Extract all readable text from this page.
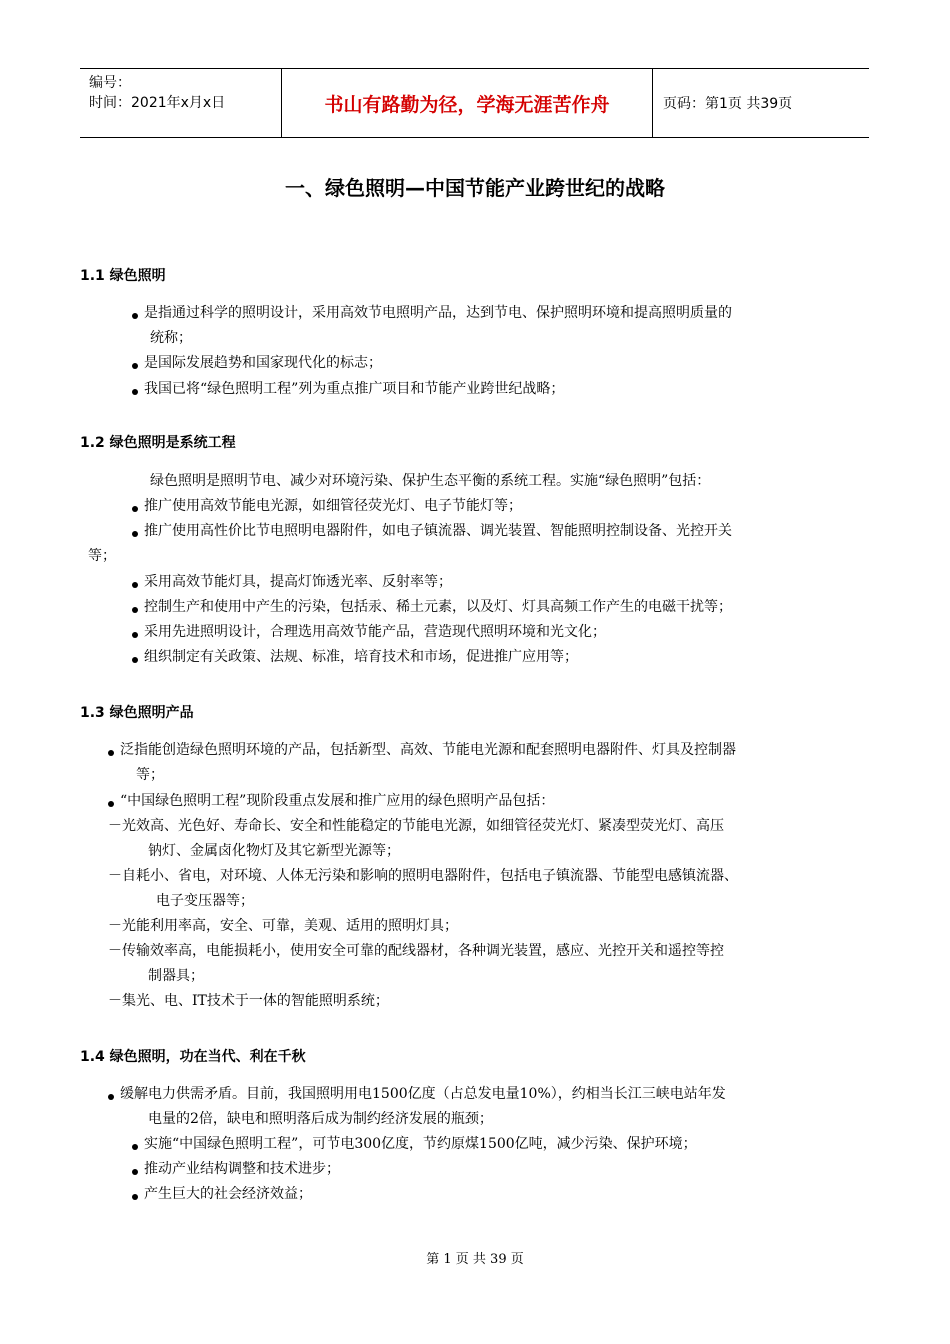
编号：
时间：2021年x月x日	书山有路勤为径，学海无涯苦作舟	页码：第1页 共39页
一、绿色照明—中国节能产业跨世纪的战略
1.1 绿色照明
是指通过科学的照明设计，采用高效节电照明产品，达到节电、保护照明环境和提高照明质量的
统称；
是国际发展趋势和国家现代化的标志；
我国已将“绿色照明工程”列为重点推广项目和节能产业跨世纪战略；
1.2 绿色照明是系统工程
绿色照明是照明节电、减少对环境污染、保护生态平衡的系统工程。实施“绿色照明”包括：
推广使用高效节能电光源，如细管径荧光灯、电子节能灯等；
推广使用高性价比节电照明电器附件，如电子镇流器、调光装置、智能照明控制设备、光控开关
等；
采用高效节能灯具，提高灯饰透光率、反射率等；
控制生产和使用中产生的污染，包括汞、稀土元素，以及灯、灯具高频工作产生的电磁干扰等；
采用先进照明设计，合理选用高效节能产品，营造现代照明环境和光文化；
组织制定有关政策、法规、标准，培育技术和市场，促进推广应用等；
1.3 绿色照明产品
泛指能创造绿色照明环境的产品，包括新型、高效、节能电光源和配套照明电器附件、灯具及控制器
等；
“中国绿色照明工程”现阶段重点发展和推广应用的绿色照明产品包括：
－光效高、光色好、寿命长、安全和性能稳定的节能电光源，如细管径荧光灯、紧凑型荧光灯、高压
钠灯、金属卤化物灯及其它新型光源等；
－自耗小、省电，对环境、人体无污染和影响的照明电器附件，包括电子镇流器、节能型电感镇流器、
电子变压器等；
－光能利用率高，安全、可靠，美观、适用的照明灯具；
－传输效率高，电能损耗小，使用安全可靠的配线器材，各种调光装置，感应、光控开关和遥控等控
制器具；
－集光、电、IT技术于一体的智能照明系统；
1.4 绿色照明，功在当代、利在千秋
缓解电力供需矛盾。目前，我国照明用电1500亿度（占总发电量10%），约相当长江三峡电站年发
电量的2倍，缺电和照明落后成为制约经济发展的瓶颈；
实施“中国绿色照明工程”，可节电300亿度，节约原煤1500亿吨，减少污染、保护环境；
推动产业结构调整和技术进步；
产生巨大的社会经济效益；
第 1 页 共 39 页
